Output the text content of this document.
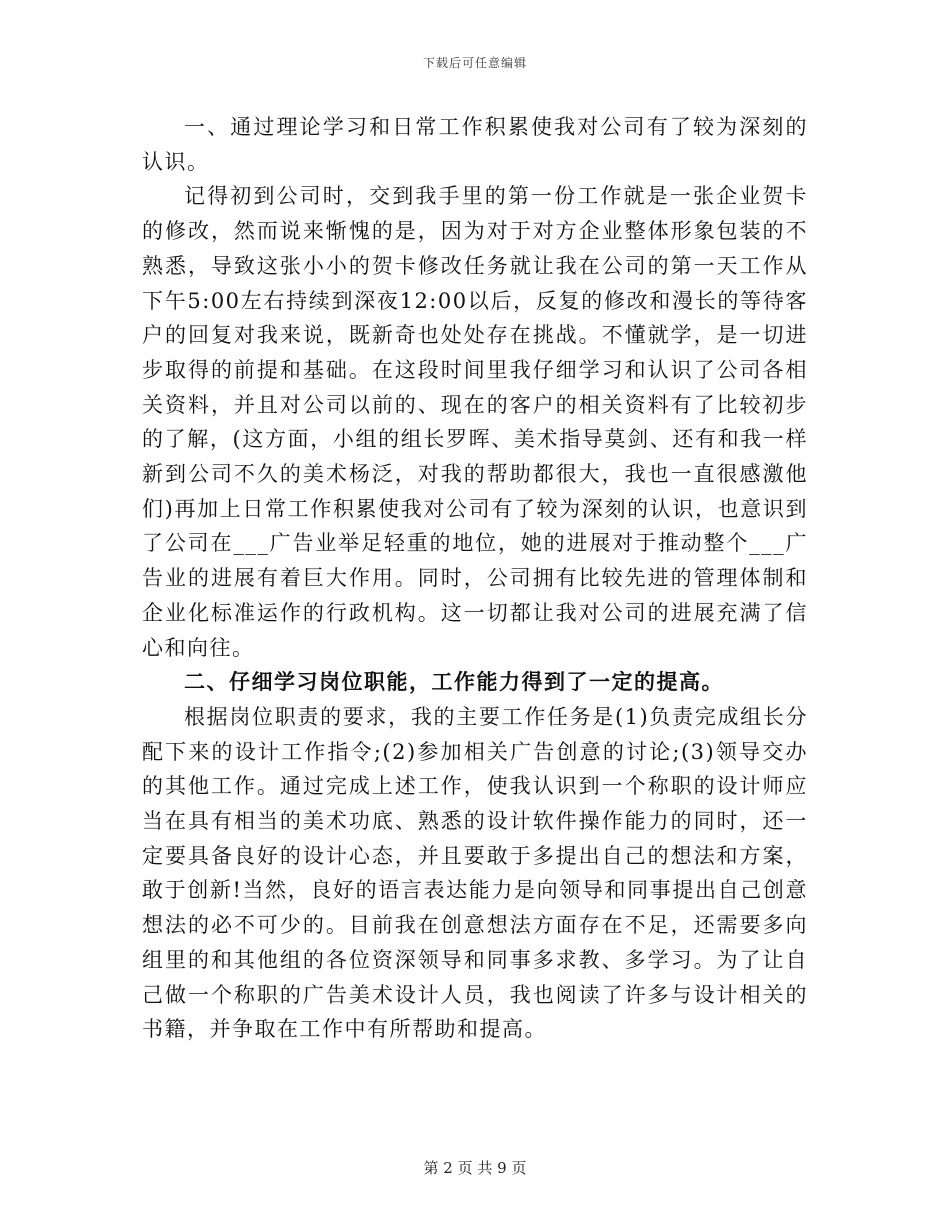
下载后可任意编辑

一、通过理论学习和日常工作积累使我对公司有了较为深刻的认识。

记得初到公司时，交到我手里的第一份工作就是一张企业贺卡的修改，然而说来惭愧的是，因为对于对方企业整体形象包装的不熟悉，导致这张小小的贺卡修改任务就让我在公司的第一天工作从下午5:00左右持续到深夜12:00以后，反复的修改和漫长的等待客户的回复对我来说，既新奇也处处存在挑战。不懂就学，是一切进步取得的前提和基础。在这段时间里我仔细学习和认识了公司各相关资料，并且对公司以前的、现在的客户的相关资料有了比较初步的了解，(这方面，小组的组长罗晖、美术指导莫剑、还有和我一样新到公司不久的美术杨泛，对我的帮助都很大，我也一直很感激他们)再加上日常工作积累使我对公司有了较为深刻的认识，也意识到了公司在___广告业举足轻重的地位，她的进展对于推动整个___广告业的进展有着巨大作用。同时，公司拥有比较先进的管理体制和企业化标准运作的行政机构。这一切都让我对公司的进展充满了信心和向往。

二、仔细学习岗位职能，工作能力得到了一定的提高。

根据岗位职责的要求，我的主要工作任务是(1)负责完成组长分配下来的设计工作指令;(2)参加相关广告创意的讨论;(3)领导交办的其他工作。通过完成上述工作，使我认识到一个称职的设计师应当在具有相当的美术功底、熟悉的设计软件操作能力的同时，还一定要具备良好的设计心态，并且要敢于多提出自己的想法和方案，敢于创新!当然，良好的语言表达能力是向领导和同事提出自己创意想法的必不可少的。目前我在创意想法方面存在不足，还需要多向组里的和其他组的各位资深领导和同事多求教、多学习。为了让自己做一个称职的广告美术设计人员，我也阅读了许多与设计相关的书籍，并争取在工作中有所帮助和提高。

第 2 页 共 9 页
